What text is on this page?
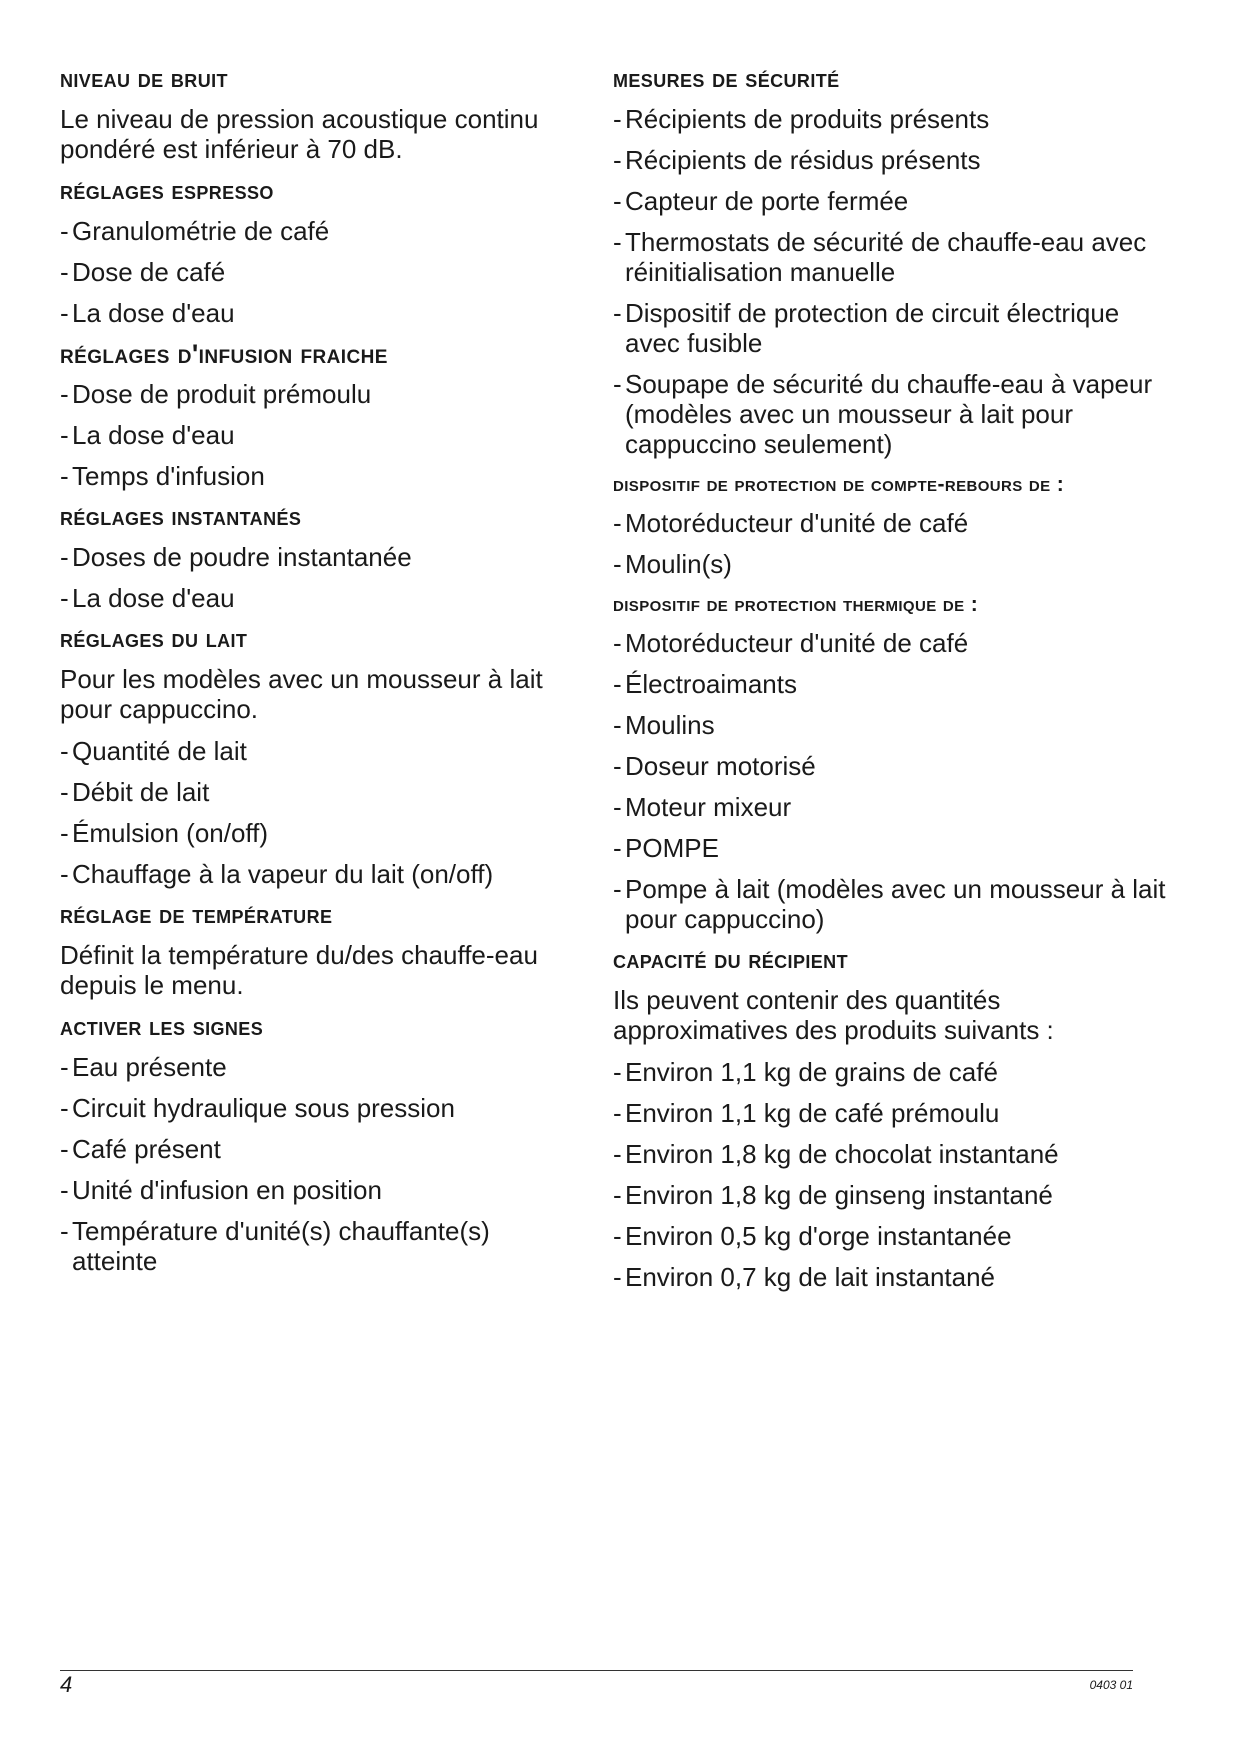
niveau de bruit

Le niveau de pression acoustique continu pondéré est inférieur à 70 dB.

réglages espresso
- Granulométrie de café
- Dose de café
- La dose d'eau
réglages d'infusion fraiche
- Dose de produit prémoulu
- La dose d'eau
- Temps d'infusion
réglages instantanés
- Doses de poudre instantanée
- La dose d'eau
réglages du lait

Pour les modèles avec un mousseur à lait pour cappuccino.

- Quantité de lait
- Débit de lait
- Émulsion (on/off)
- Chauffage à la vapeur du lait (on/off)
réglage de température

Définit la température du/des chauffe-eau depuis le menu.

activer les signes
- Eau présente
- Circuit hydraulique sous pression
- Café présent
- Unité d'infusion en position
- Température d'unité(s) chauffante(s) atteinte
mesures de sécurité
- Récipients de produits présents
- Récipients de résidus présents
- Capteur de porte fermée
- Thermostats de sécurité de chauffe-eau avec réinitialisation manuelle
- Dispositif de protection de circuit électrique avec fusible
- Soupape de sécurité du chauffe-eau à vapeur (modèles avec un mousseur à lait pour cappuccino seulement)
dispositif de protection de compte-rebours de :
- Motoréducteur d'unité de café
- Moulin(s)
dispositif de protection thermique de :
- Motoréducteur d'unité de café
- Électroaimants
- Moulins
- Doseur motorisé
- Moteur mixeur
- POMPE
- Pompe à lait (modèles avec un mousseur à lait pour cappuccino)
capacité du récipient

Ils peuvent contenir des quantités approximatives des produits suivants :

- Environ 1,1 kg de grains de café
- Environ 1,1 kg de café prémoulu
- Environ 1,8 kg de chocolat instantané
- Environ 1,8 kg de ginseng instantané
- Environ 0,5 kg d'orge instantanée
- Environ 0,7 kg de lait instantané
4	0403 01
